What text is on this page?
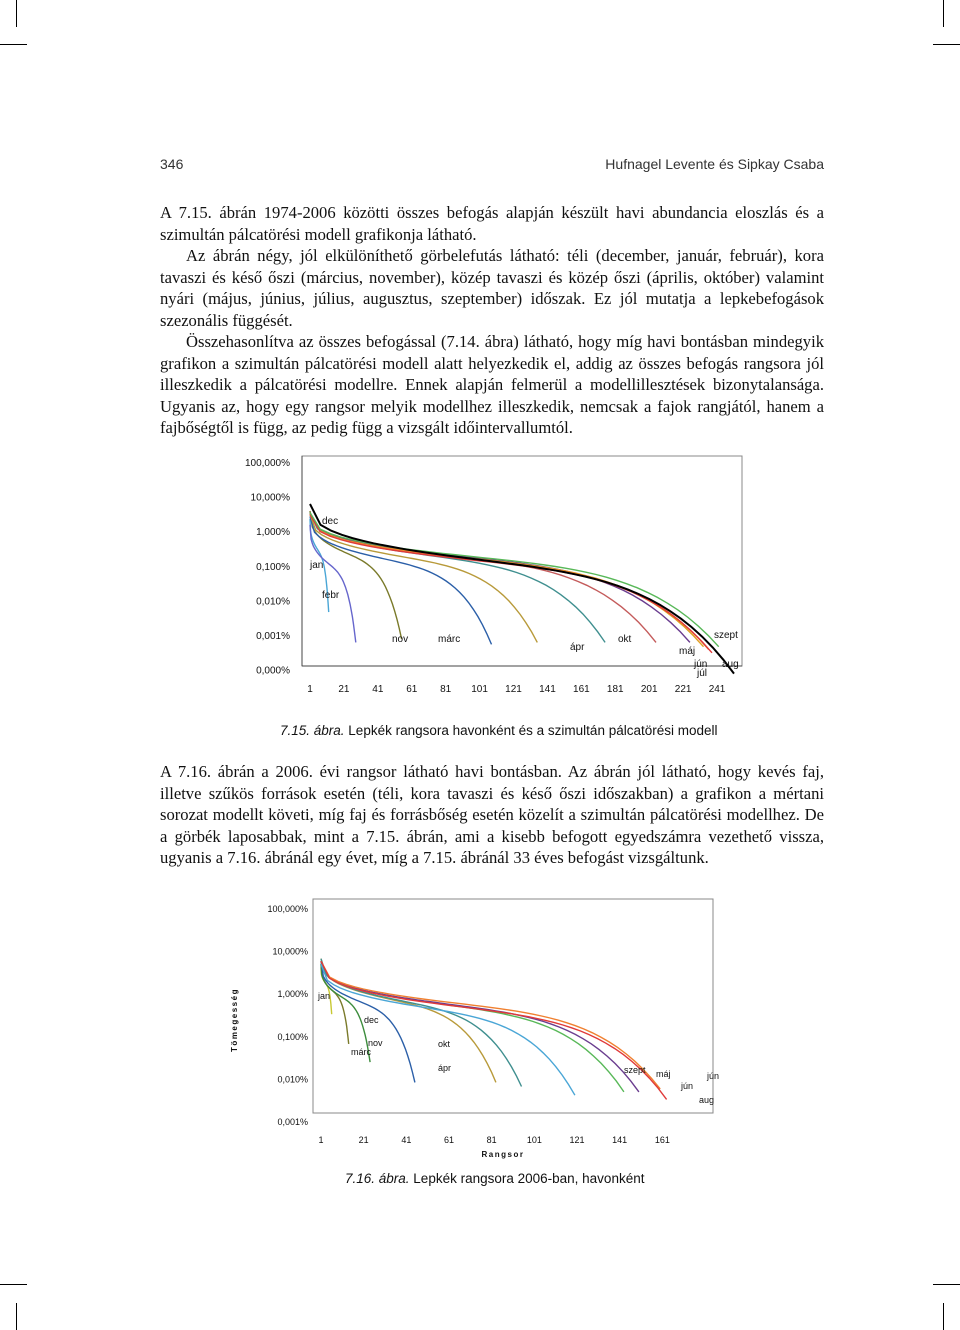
346	Hufnagel Levente és Sipkay Csaba

A 7.15. ábrán 1974-2006 közötti összes befogás alapján készült havi abundancia eloszlás és a szimultán pálcatörési modell grafikonja látható.

Az ábrán négy, jól elkülöníthető görbelefutás látható: téli (december, január, február), kora tavaszi és késő őszi (március, november), közép tavaszi és közép őszi (április, október) valamint nyári (május, június, július, augusztus, szeptember) időszak. Ez jól mutatja a lepkebefogások szezonális függését.

Összehasonlítva az összes befogással (7.14. ábra) látható, hogy míg havi bontásban mindegyik grafikon a szimultán pálcatörési modell alatt helyezkedik el, addig az összes befogás rangsora jól illeszkedik a pálcatörési modellre. Ennek alapján felmerül a modellillesztések bizonytalansága. Ugyanis az, hogy egy rangsor melyik modellhez illeszkedik, nemcsak a fajok rangjától, hanem a fajbőségtől is függ, az pedig függ a vizsgált időintervallumtól.

100,000%
10,000%
1,000%
0,100%
0,010%
0,001%
0,000%
1	21 41 61 81 101 121 141 161 181 201 221 241
dec
jan
febr
nov	márc
ápr
okt	szept
máj
jún aug
júl
7.15. ábra. Lepkék rangsora havonként és a szimultán pálcatörési modell

A 7.16. ábrán a 2006. évi rangsor látható havi bontásban. Az ábrán jól látható, hogy kevés faj, illetve szűkös források esetén (téli, kora tavaszi és késő őszi időszakban) a grafikon a mértani sorozat modellt követi, míg faj és forrásbőség esetén közelít a szimultán pálcatörési modellhez. De a görbék laposabbak, mint a 7.15. ábrán, ami a kisebb befogott egyedszámra vezethető vissza, ugyanis a 7.16. ábránál egy évet, míg a 7.15. ábránál 33 éves befogást vizsgáltunk.

100,000%
10,000%
1,000%
0,100%
0,010%
0,001%
1	21	41	61	81	101	121	141	161
Rangsor
Tömegesség	jan
dec
nov
márc
okt
ápr	szept máj
jún
jún
aug
7.16. ábra. Lepkék rangsora 2006-ban, havonként
